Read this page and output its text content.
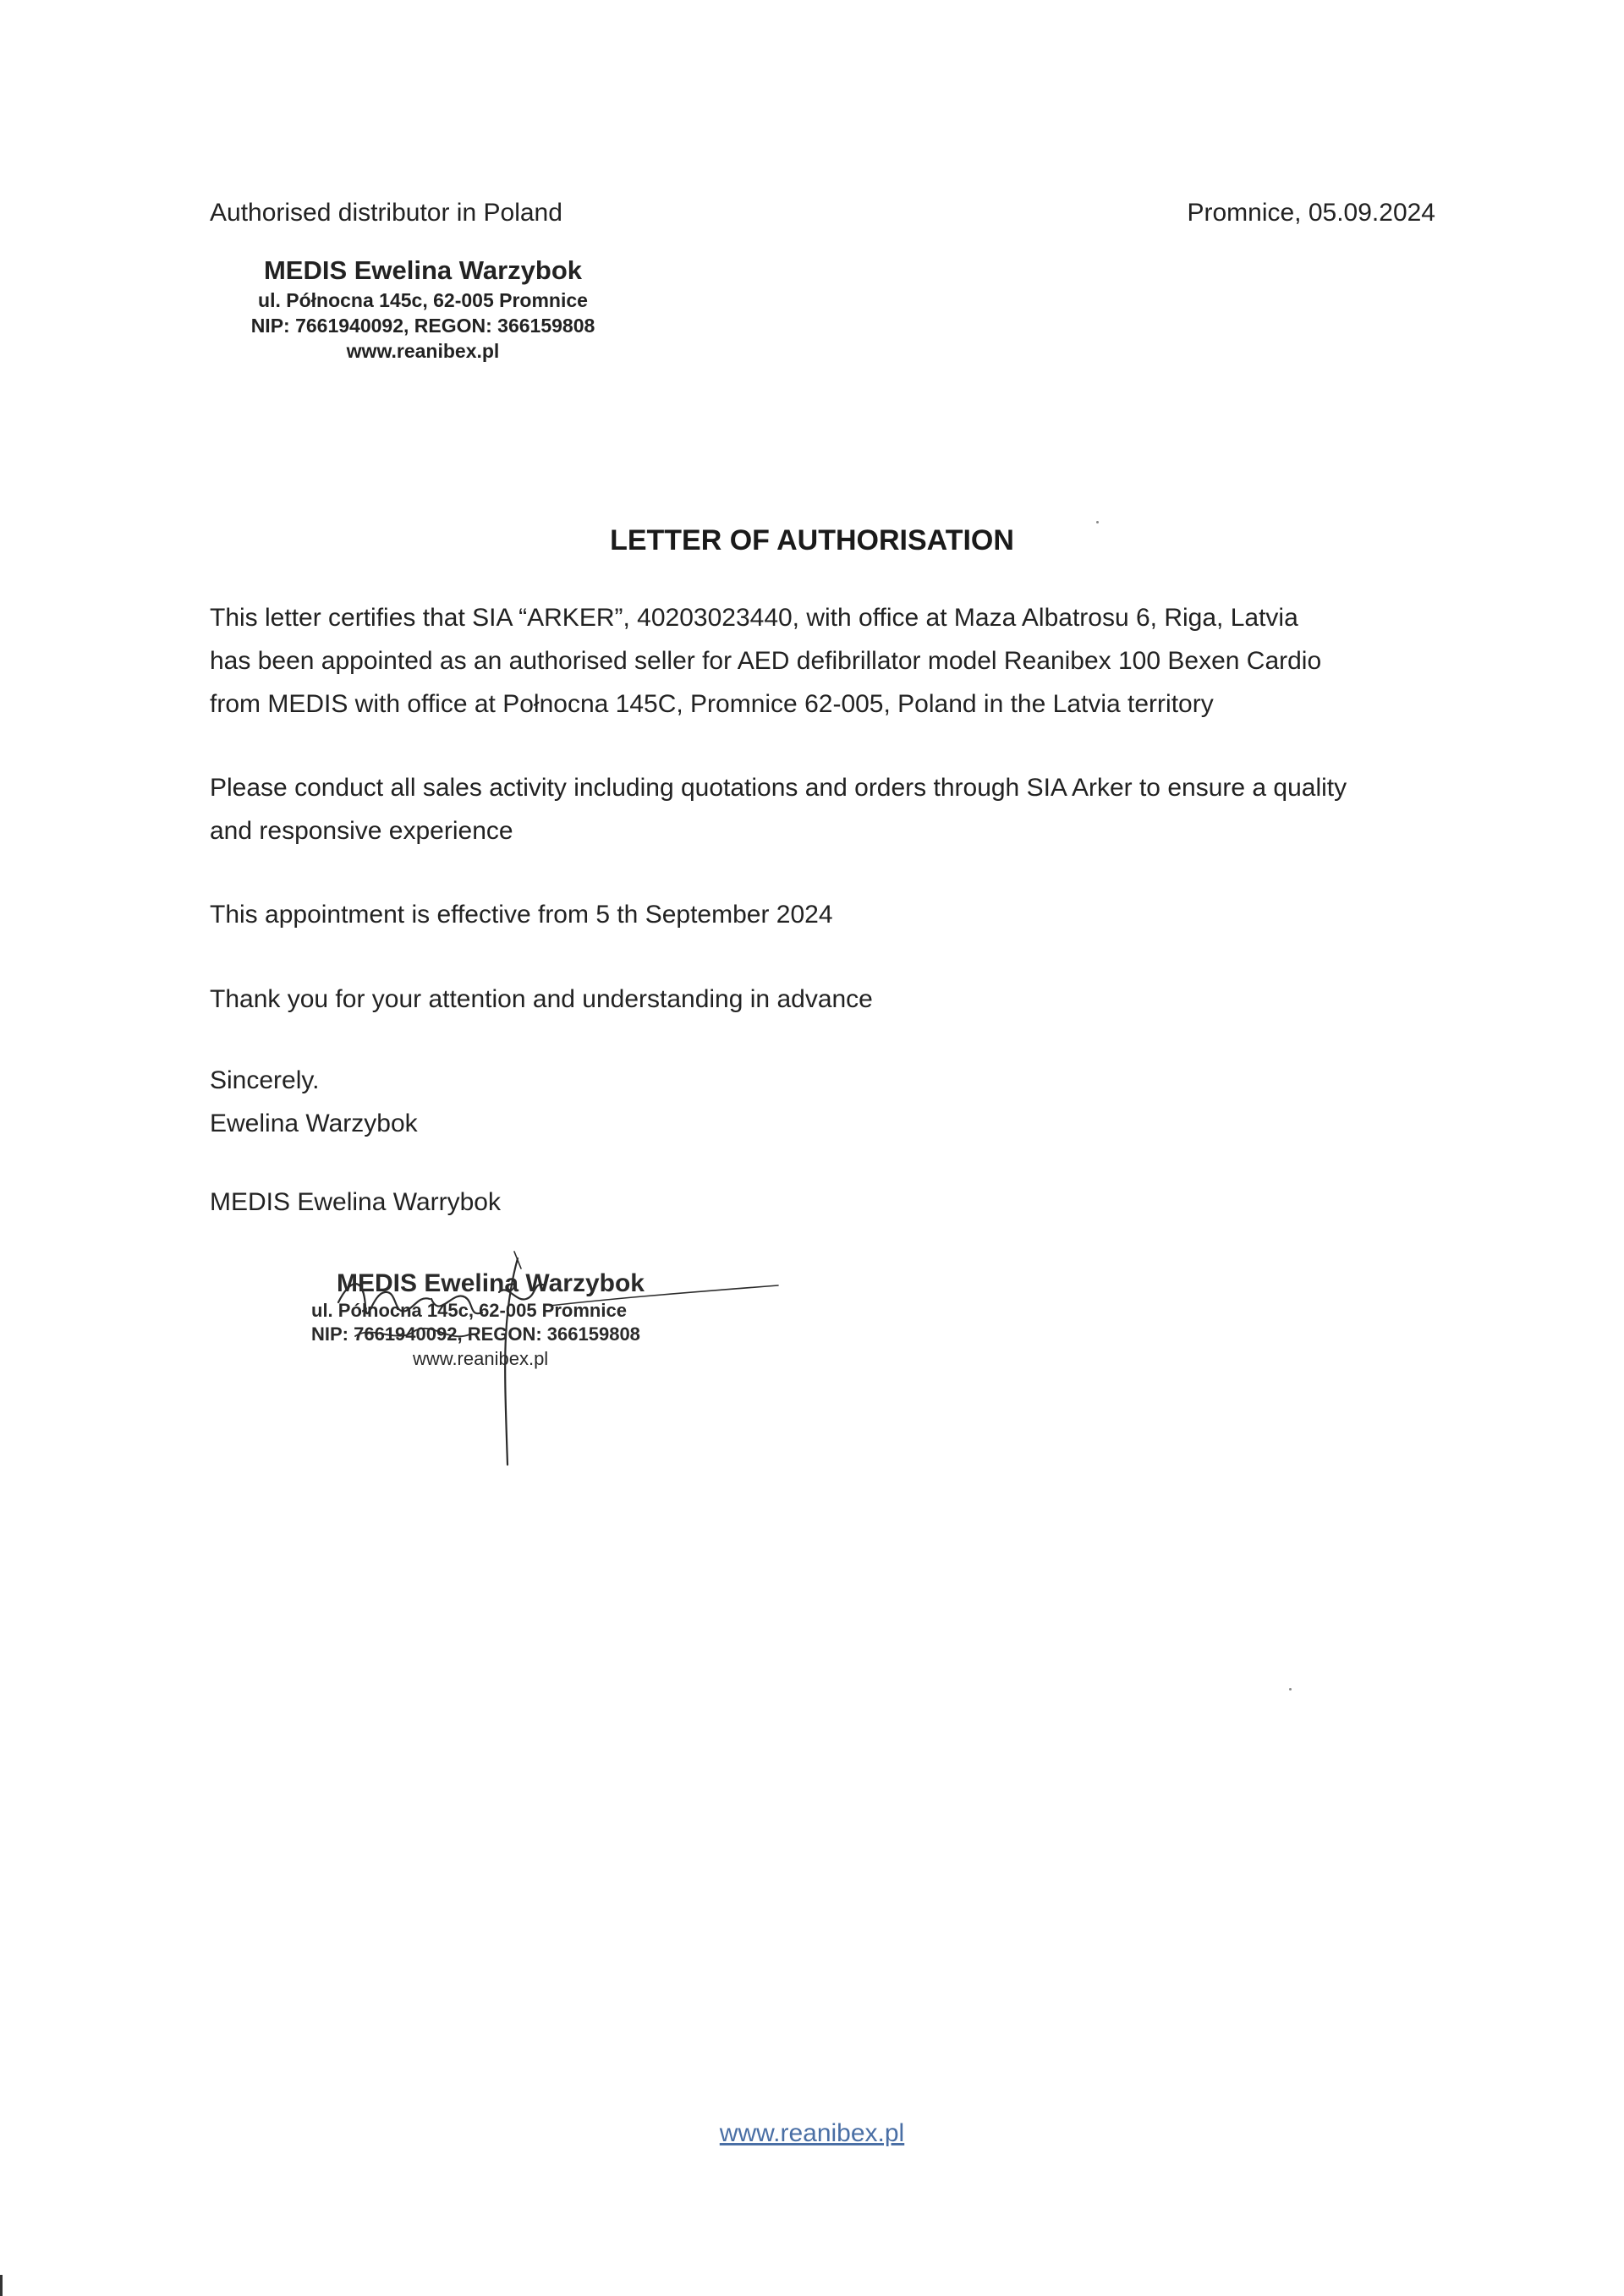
Authorised distributor in Poland	Promnice, 05.09.2024
MEDIS Ewelina Warzybok
ul. Północna 145c, 62-005 Promnice
NIP: 7661940092, REGON: 366159808
www.reanibex.pl
LETTER OF AUTHORISATION
This letter certifies that SIA “ARKER”, 40203023440, with office at Maza Albatrosu 6, Riga, Latvia
has been appointed as an authorised seller for AED defibrillator model Reanibex 100 Bexen Cardio
from MEDIS with office at Połnocna 145C, Promnice 62-005, Poland in the Latvia territory
Please conduct all sales activity including quotations and orders through SIA Arker to ensure a quality
and responsive experience
This appointment is effective from 5 th September 2024
Thank you for your attention and understanding in advance
Sincerely.
Ewelina Warzybok
MEDIS Ewelina Warrybok
MEDIS Ewelina Warzybok
ul. Północna 145c, 62-005 Promnice
NIP: 7661940092, REGON: 366159808
www.reanibex.pl
www.reanibex.pl
